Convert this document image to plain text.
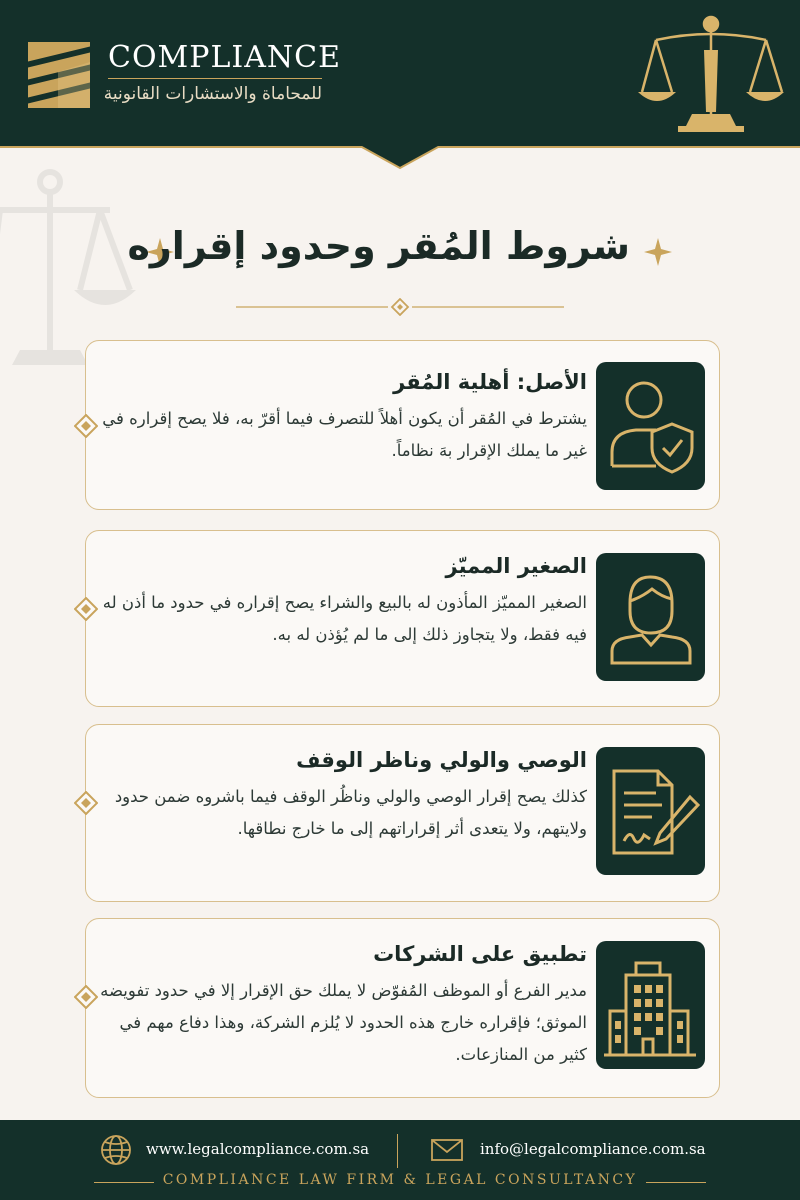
COMPLIANCE
للمحاماة والاستشارات القانونية
شروط المُقر وحدود إقراره
الأصل: أهلية المُقر
يشترط في المُقر أن يكون أهلاً للتصرف فيما أقرّ به، فلا يصح إقراره في غير ما يملك الإقرار بهَ نظاماً.
الصغير المميّز
الصغير المميّز المأذون له بالبيع والشراء يصح إقراره في حدود ما أذن له فيه فقط، ولا يتجاوز ذلك إلى ما لم يُؤذن له به.
الوصي والولي وناظر الوقف
كذلك يصح إقرار الوصي والولي وناظُر الوقف فيما باشروه ضمن حدود ولايتهم، ولا يتعدى أثر إقراراتهم إلى ما خارج نطاقها.
تطبيق على الشركات
مدير الفرع أو الموظف المُفوّض لا يملك حق الإقرار إلا في حدود تفويضه الموثق؛ فإقراره خارج هذه الحدود لا يُلزم الشركة، وهذا دفاع مهم في كثير من المنازعات.
www.legalcompliance.com.sa	info@legalcompliance.com.sa
COMPLIANCE LAW FIRM & LEGAL CONSULTANCY
